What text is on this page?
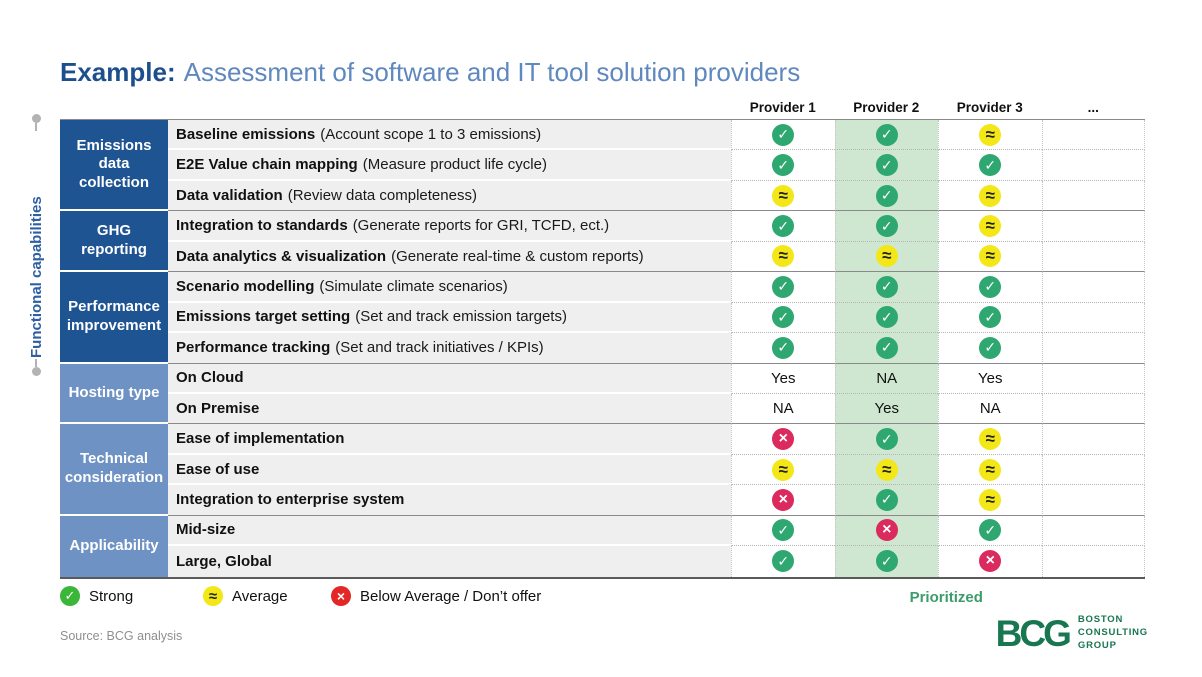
Example: Assessment of software and IT tool solution providers
Functional capabilities
Provider 1	Provider 2	Provider 3	...
Emissions data collection
Baseline emissions (Account scope 1 to 3 emissions)	✓	✓	≈
E2E Value chain mapping (Measure product life cycle)	✓	✓	✓
Data validation (Review data completeness)	≈	✓	≈
GHG reporting
Integration to standards (Generate reports for GRI, TCFD, ect.)	✓	✓	≈
Data analytics & visualization (Generate real-time & custom reports)	≈	≈	≈
Performance improvement
Scenario modelling (Simulate climate scenarios)	✓	✓	✓
Emissions target setting (Set and track emission targets)	✓	✓	✓
Performance tracking (Set and track initiatives / KPIs)	✓	✓	✓
Hosting type
On Cloud	Yes	NA	Yes
On Premise	NA	Yes	NA
Technical consideration
Ease of implementation	×	✓	≈
Ease of use	≈	≈	≈
Integration to enterprise system	×	✓	≈
Applicability
Mid-size	✓	×	✓
Large, Global	✓	✓	×
Prioritized
✓ Strong	≈ Average	× Below Average / Don’t offer
Source: BCG analysis	BCG BOSTON
CONSULTING
GROUP
